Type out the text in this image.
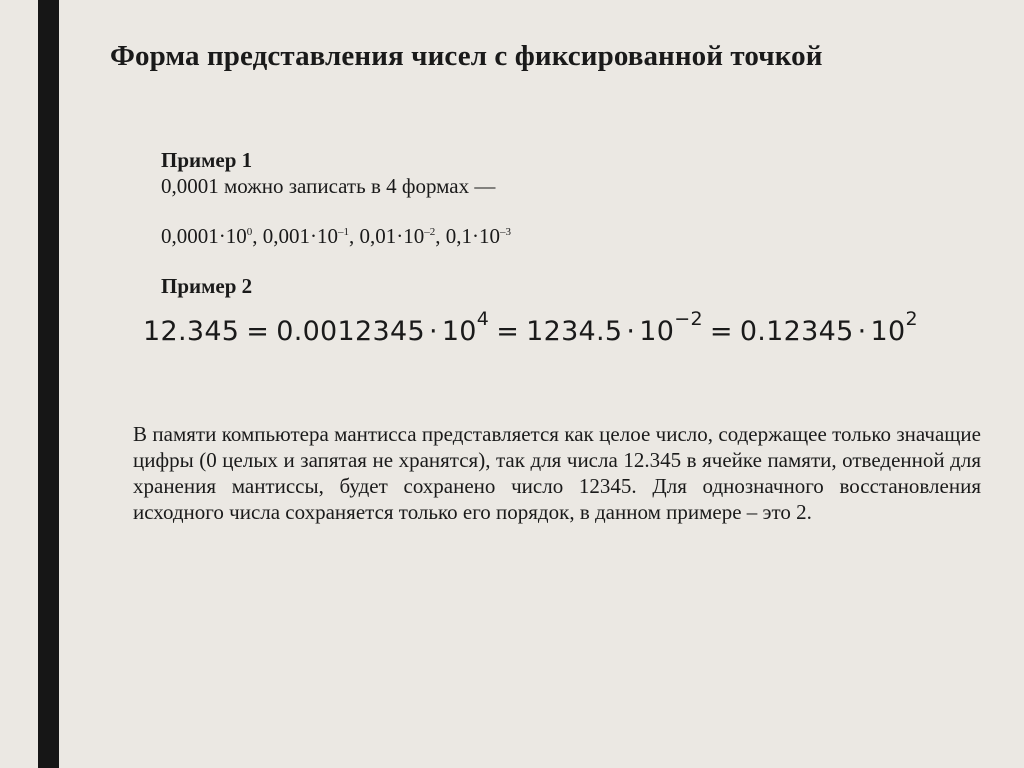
Форма представления чисел с фиксированной точкой
Пример 1
0,0001 можно записать в 4 формах —
$0,0001\cdot 10^0$, $0,001\cdot 10^{-1}$, $0,01\cdot 10^{-2}$, $0,1\cdot 10^{-3}$
Пример 2
$12.345 = 0.0012345 \cdot 10^4 = 1234.5 \cdot 10^{-2} = 0.12345 \cdot 10^2$
В памяти компьютера мантисса представляется как целое число, содержащее только значащие цифры (0 целых и запятая не хранятся), так для числа 12.345 в ячейке памяти, отведенной для хранения мантиссы, будет сохранено число 12345. Для однозначного восстановления исходного числа сохраняется только его порядок, в данном примере – это 2.
